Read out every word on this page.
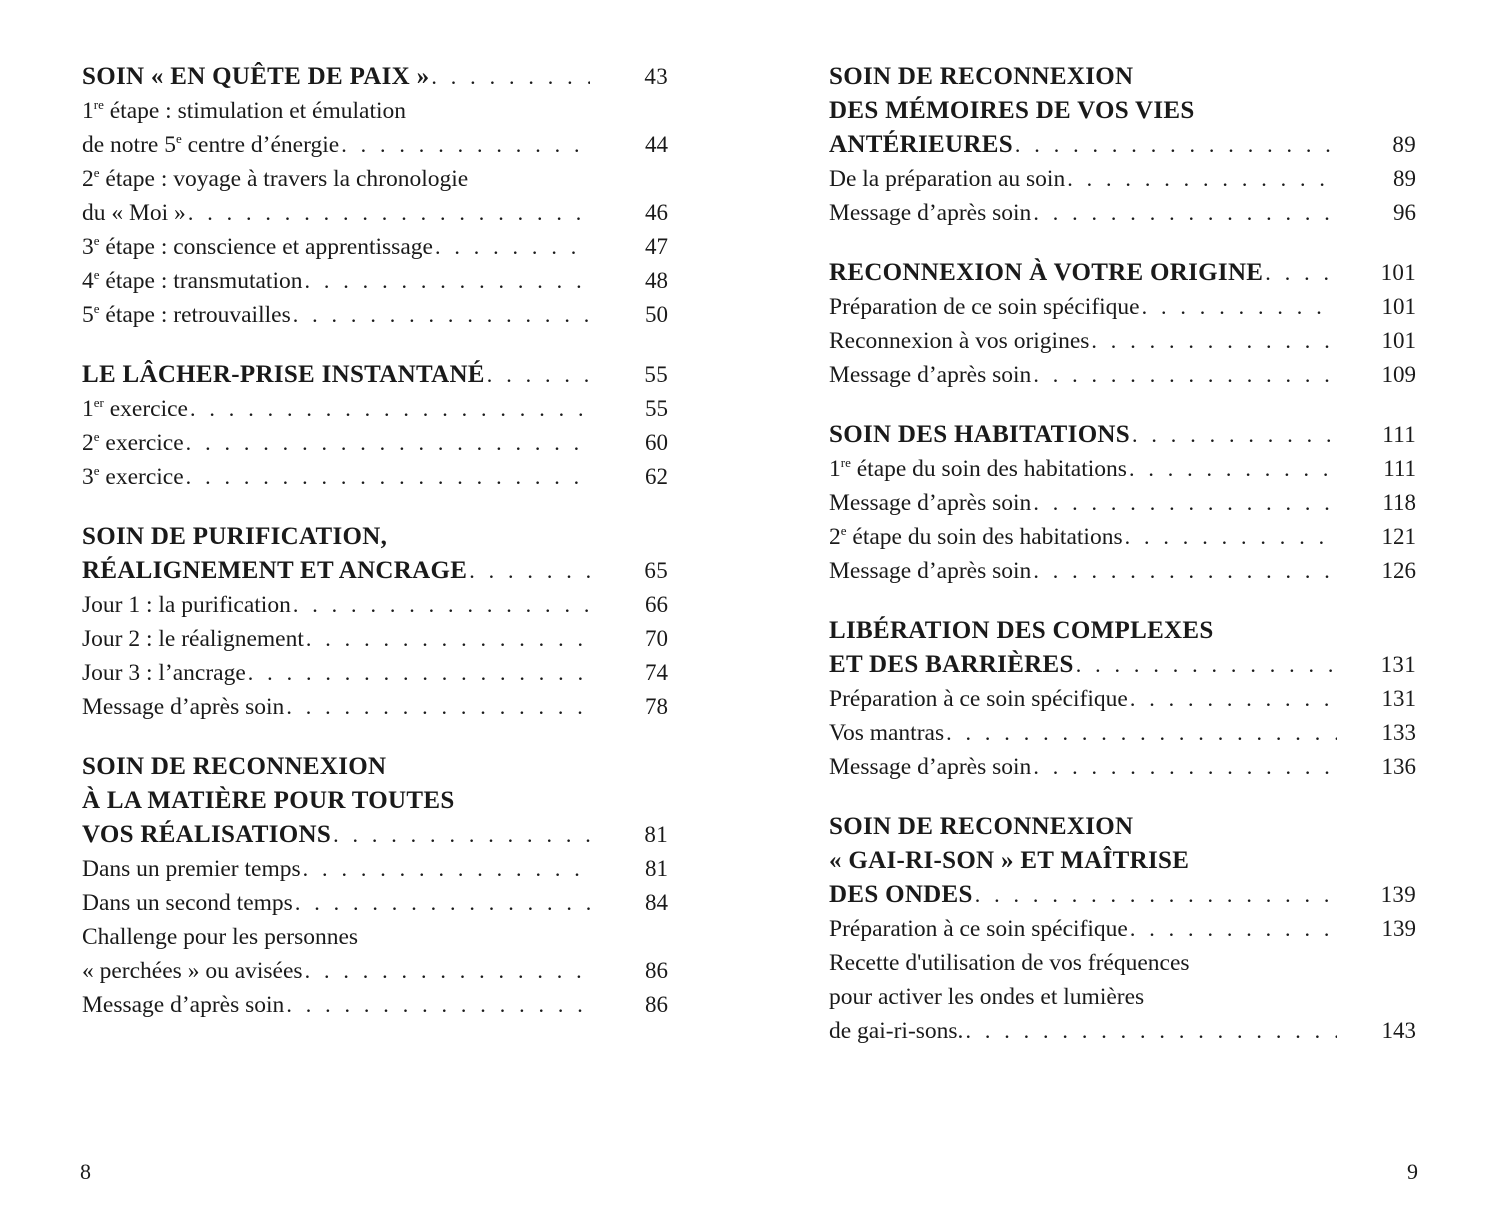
SOIN « EN QUÊTE DE PAIX » . . .	43
1re étape : stimulation et émulation
de notre 5e centre d’énergie . . .	44
2e étape : voyage à travers la chronologie
du « Moi » . . .	46
3e étape : conscience et apprentissage . . .	47
4e étape : transmutation . . .	48
5e étape : retrouvailles . . .	50
LE LÂCHER-PRISE INSTANTANÉ . . .	55
1er exercice . . .	55
2e exercice . . .	60
3e exercice . . .	62
SOIN DE PURIFICATION,
RÉALIGNEMENT ET ANCRAGE . . .	65
Jour 1 : la purification . . .	66
Jour 2 : le réalignement . . .	70
Jour 3 : l’ancrage . . .	74
Message d’après soin . . .	78
SOIN DE RECONNEXION
À LA MATIÈRE POUR TOUTES
VOS RÉALISATIONS . . .	81
Dans un premier temps . . .	81
Dans un second temps . . .	84
Challenge pour les personnes
« perchées » ou avisées . . .	86
Message d’après soin . . .	86
SOIN DE RECONNEXION
DES MÉMOIRES DE VOS VIES
ANTÉRIEURES . . .	89
De la préparation au soin . . .	89
Message d’après soin . . .	96
RECONNEXION À VOTRE ORIGINE . . .	101
Préparation de ce soin spécifique . . .	101
Reconnexion à vos origines . . .	101
Message d’après soin . . .	109
SOIN DES HABITATIONS . . .	111
1re étape du soin des habitations . . .	111
Message d’après soin . . .	118
2e étape du soin des habitations . . .	121
Message d’après soin . . .	126
LIBÉRATION DES COMPLEXES
ET DES BARRIÈRES . . .	131
Préparation à ce soin spécifique . . .	131
Vos mantras . . .	133
Message d’après soin . . .	136
SOIN DE RECONNEXION
« GAI-RI-SON » ET MAÎTRISE
DES ONDES . . .	139
Préparation à ce soin spécifique . . .	139
Recette d'utilisation de vos fréquences
pour activer les ondes et lumières
de gai-ri-sons. . . .	143
8	9
